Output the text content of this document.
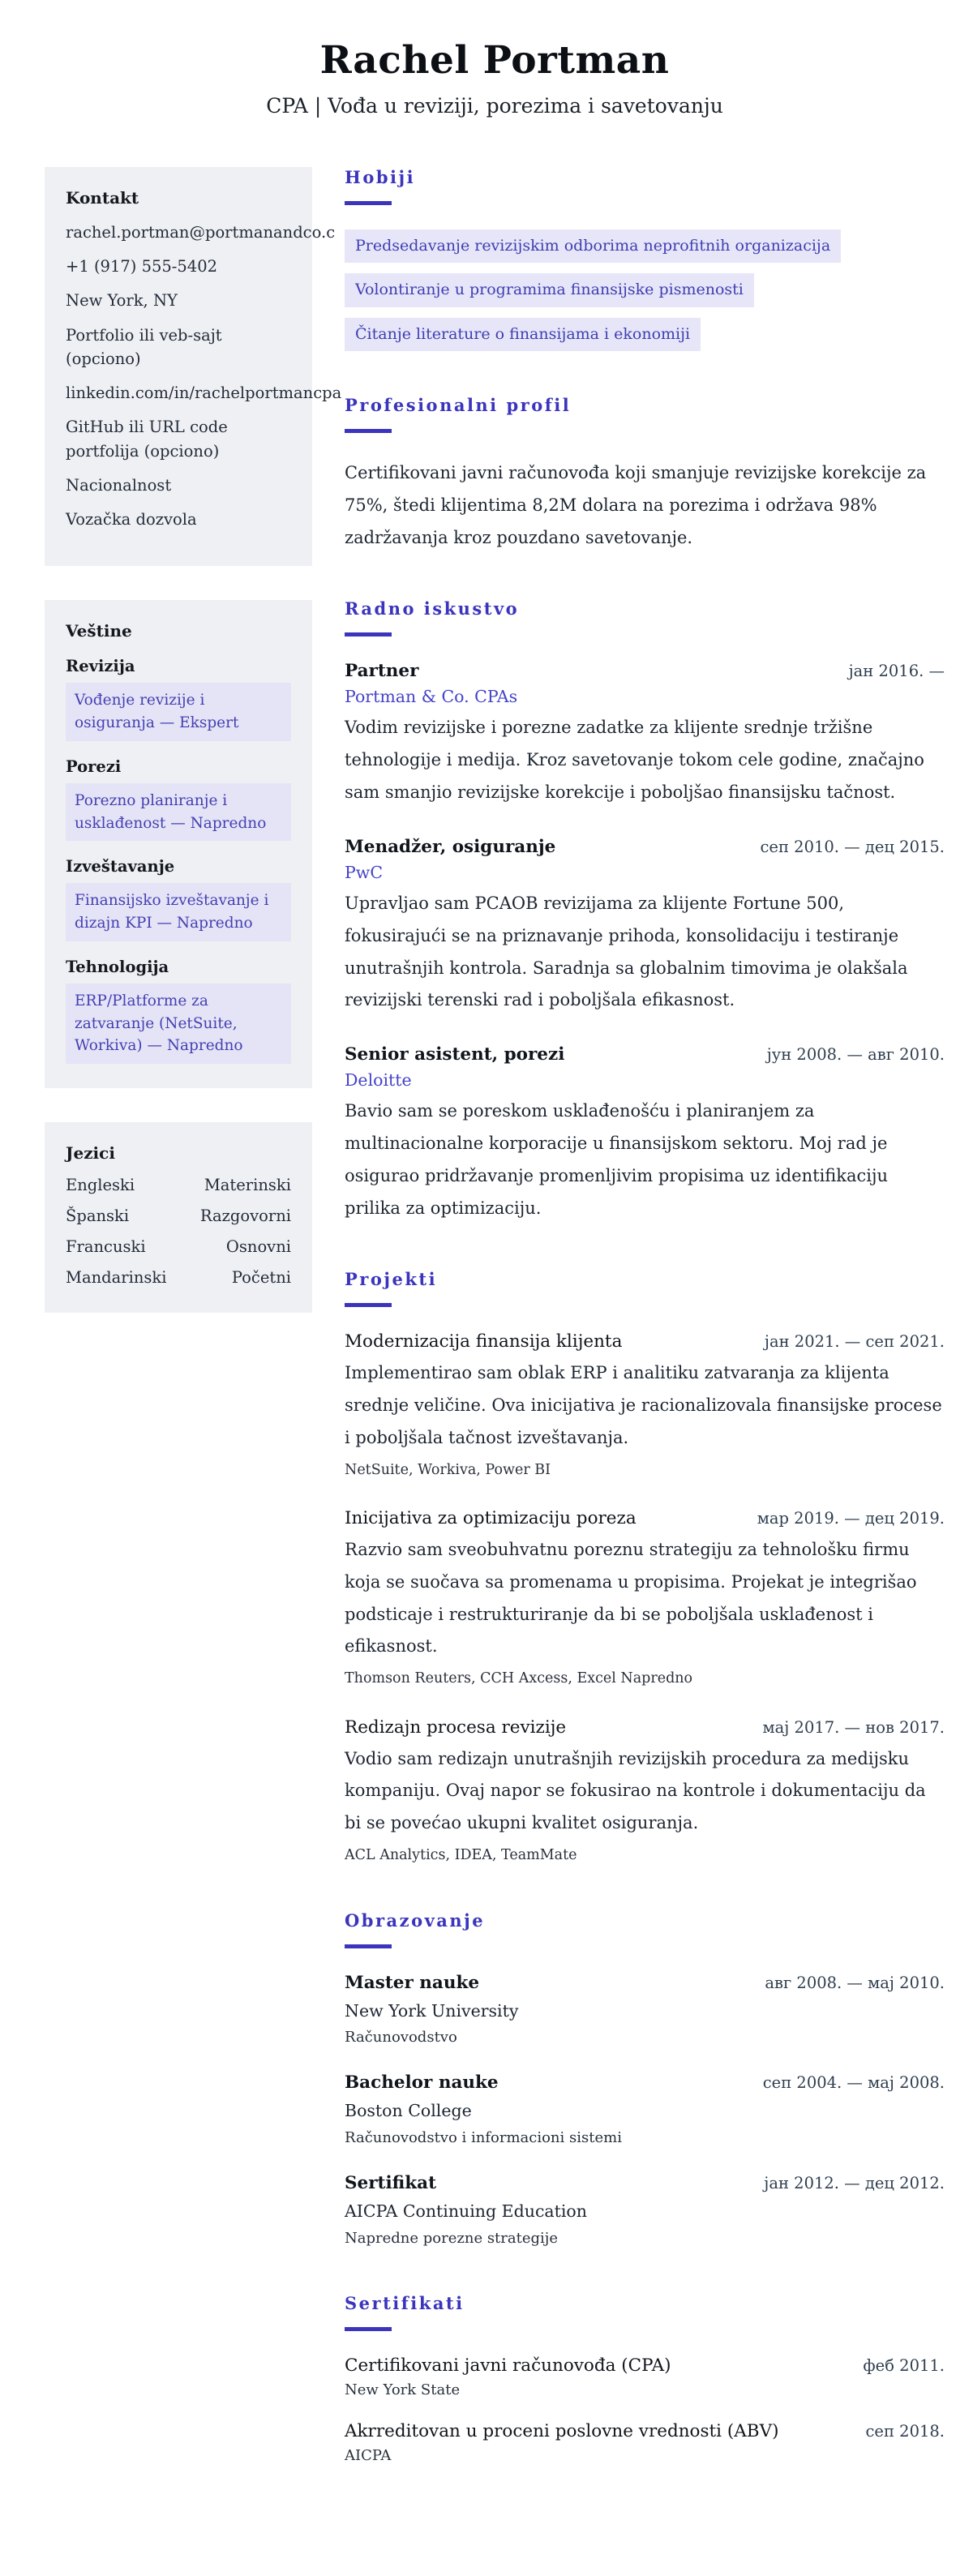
Rachel Portman
CPA | Vođa u reviziji, porezima i savetovanju
Kontakt
rachel.portman@portmanandco.c
+1 (917) 555-5402
New York, NY
Portfolio ili veb-sajt (opciono)
linkedin.com/in/rachelportmancpa
GitHub ili URL code portfolija (opciono)
Nacionalnost
Vozačka dozvola
Veštine
Revizija
Vođenje revizije i osiguranja — Ekspert
Porezi
Porezno planiranje i usklađenost — Napredno
Izveštavanje
Finansijsko izveštavanje i dizajn KPI — Napredno
Tehnologija
ERP/Platforme za zatvaranje (NetSuite, Workiva) — Napredno
Jezici
Engleski	Materinski
Španski	Razgovorni
Francuski	Osnovni
Mandarinski	Početni
Hobiji
Predsedavanje revizijskim odborima neprofitnih organizacija
Volontiranje u programima finansijske pismenosti
Čitanje literature o finansijama i ekonomiji
Profesionalni profil
Certifikovani javni računovođa koji smanjuje revizijske korekcije za 75%, štedi klijentima 8,2M dolara na porezima i održava 98% zadržavanja kroz pouzdano savetovanje.
Radno iskustvo
Partner	јан 2016. —
Portman & Co. CPAs
Vodim revizijske i porezne zadatke za klijente srednje tržišne tehnologije i medija. Kroz savetovanje tokom cele godine, značajno sam smanjio revizijske korekcije i poboljšao finansijsku tačnost.
Menadžer, osiguranje	сеп 2010. — дец 2015.
PwC
Upravljao sam PCAOB revizijama za klijente Fortune 500, fokusirajući se na priznavanje prihoda, konsolidaciju i testiranje unutrašnjih kontrola. Saradnja sa globalnim timovima je olakšala revizijski terenski rad i poboljšala efikasnost.
Senior asistent, porezi	јун 2008. — авг 2010.
Deloitte
Bavio sam se poreskom usklađenošću i planiranjem za multinacionalne korporacije u finansijskom sektoru. Moj rad je osigurao pridržavanje promenljivim propisima uz identifikaciju prilika za optimizaciju.
Projekti
Modernizacija finansija klijenta	јан 2021. — сеп 2021.
Implementirao sam oblak ERP i analitiku zatvaranja za klijenta srednje veličine. Ova inicijativa je racionalizovala finansijske procese i poboljšala tačnost izveštavanja.
NetSuite, Workiva, Power BI
Inicijativa za optimizaciju poreza	мар 2019. — дец 2019.
Razvio sam sveobuhvatnu poreznu strategiju za tehnološku firmu koja se suočava sa promenama u propisima. Projekat je integrišao podsticaje i restrukturiranje da bi se poboljšala usklađenost i efikasnost.
Thomson Reuters, CCH Axcess, Excel Napredno
Redizajn procesa revizije	мај 2017. — нов 2017.
Vodio sam redizajn unutrašnjih revizijskih procedura za medijsku kompaniju. Ovaj napor se fokusirao na kontrole i dokumentaciju da bi se povećao ukupni kvalitet osiguranja.
ACL Analytics, IDEA, TeamMate
Obrazovanje
Master nauke	авг 2008. — мај 2010.
New York University
Računovodstvo
Bachelor nauke	сеп 2004. — мај 2008.
Boston College
Računovodstvo i informacioni sistemi
Sertifikat	јан 2012. — дец 2012.
AICPA Continuing Education
Napredne porezne strategije
Sertifikati
Certifikovani javni računovođa (CPA)	феб 2011.
New York State
Akrreditovan u proceni poslovne vrednosti (ABV)	сеп 2018.
AICPA
